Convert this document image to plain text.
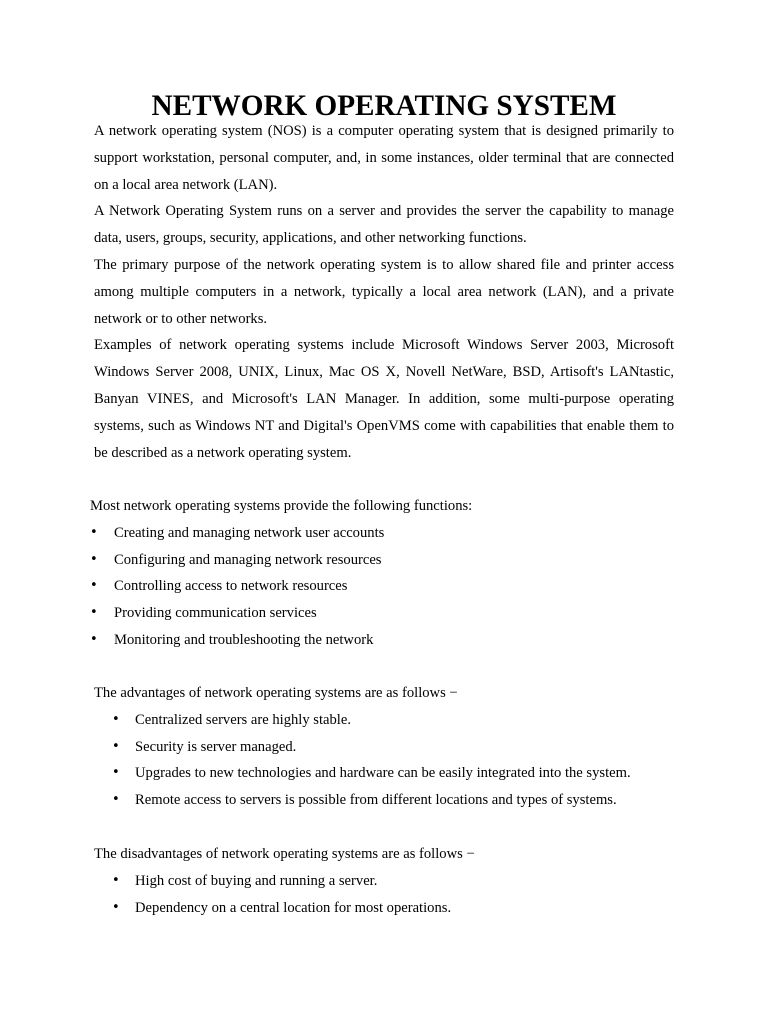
NETWORK OPERATING SYSTEM

A network operating system (NOS) is a computer operating system that is designed primarily to support workstation, personal computer, and, in some instances, older terminal that are connected on a local area network (LAN).

A Network Operating System runs on a server and provides the server the capability to manage data, users, groups, security, applications, and other networking functions.

The primary purpose of the network operating system is to allow shared file and printer access among multiple computers in a network, typically a local area network (LAN), and a private network or to other networks.

Examples of network operating systems include Microsoft Windows Server 2003, Microsoft Windows Server 2008, UNIX, Linux, Mac OS X, Novell NetWare, BSD, Artisoft's LANtastic, Banyan VINES, and Microsoft's LAN Manager. In addition, some multi-purpose operating systems, such as Windows NT and Digital's OpenVMS come with capabilities that enable them to be described as a network operating system.

Most network operating systems provide the following functions:

• Creating and managing network user accounts
• Configuring and managing network resources
• Controlling access to network resources
• Providing communication services
• Monitoring and troubleshooting the network

The advantages of network operating systems are as follows −

• Centralized servers are highly stable.
• Security is server managed.
• Upgrades to new technologies and hardware can be easily integrated into the system.
• Remote access to servers is possible from different locations and types of systems.

The disadvantages of network operating systems are as follows −

• High cost of buying and running a server.
• Dependency on a central location for most operations.
